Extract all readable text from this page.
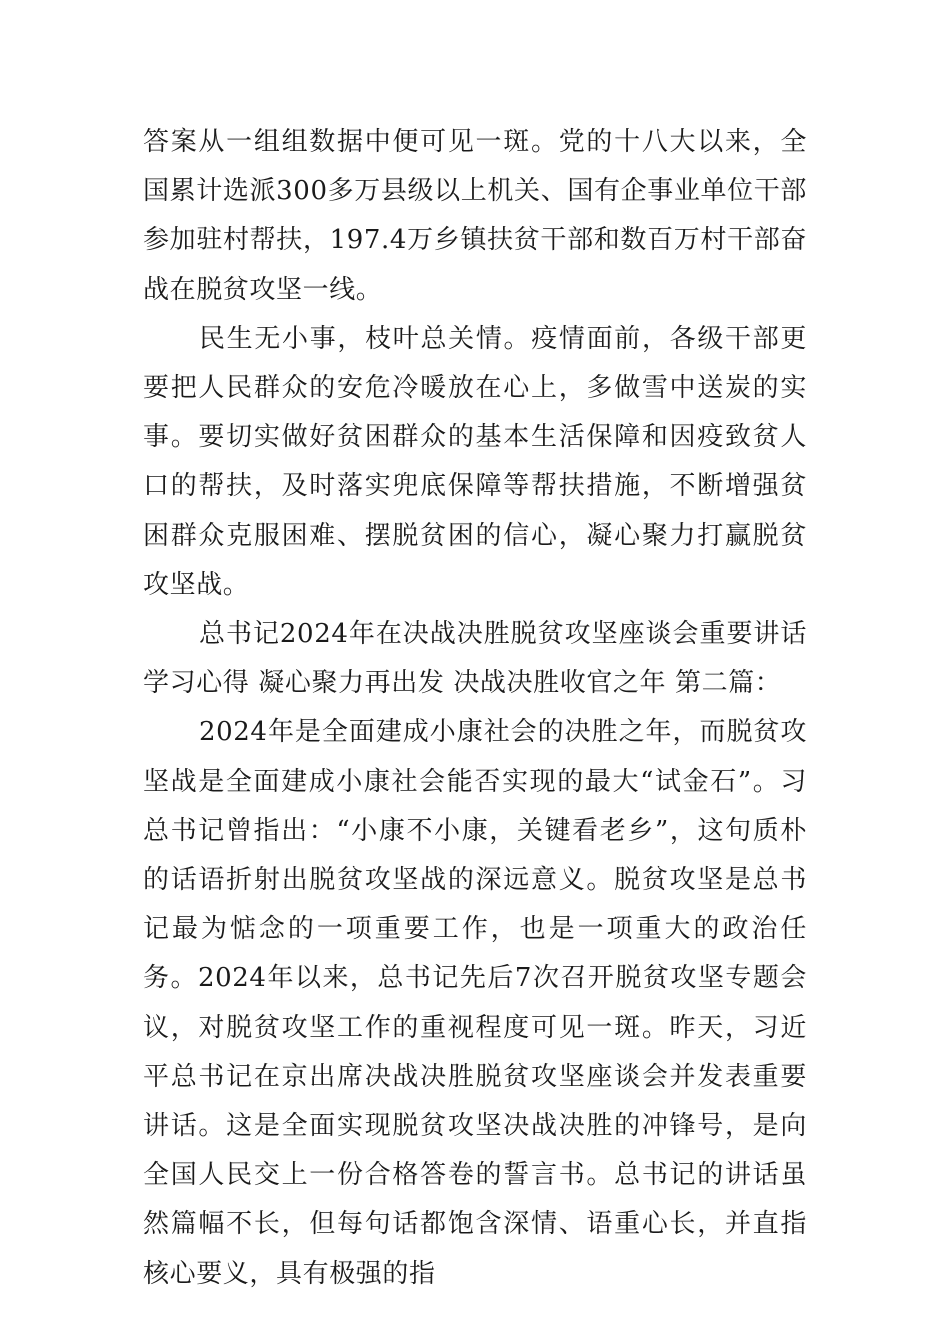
答案从一组组数据中便可见一斑。党的十八大以来，全国累计选派300多万县级以上机关、国有企事业单位干部参加驻村帮扶，197.4万乡镇扶贫干部和数百万村干部奋战在脱贫攻坚一线。

民生无小事，枝叶总关情。疫情面前，各级干部更要把人民群众的安危冷暖放在心上，多做雪中送炭的实事。要切实做好贫困群众的基本生活保障和因疫致贫人口的帮扶，及时落实兜底保障等帮扶措施，不断增强贫困群众克服困难、摆脱贫困的信心，凝心聚力打赢脱贫攻坚战。

总书记2024年在决战决胜脱贫攻坚座谈会重要讲话学习心得 凝心聚力再出发 决战决胜收官之年 第二篇：

2024年是全面建成小康社会的决胜之年，而脱贫攻坚战是全面建成小康社会能否实现的最大“试金石”。习总书记曾指出：“小康不小康，关键看老乡”，这句质朴的话语折射出脱贫攻坚战的深远意义。脱贫攻坚是总书记最为惦念的一项重要工作，也是一项重大的政治任务。2024年以来，总书记先后7次召开脱贫攻坚专题会议，对脱贫攻坚工作的重视程度可见一斑。昨天，习近平总书记在京出席决战决胜脱贫攻坚座谈会并发表重要讲话。这是全面实现脱贫攻坚决战决胜的冲锋号，是向全国人民交上一份合格答卷的誓言书。总书记的讲话虽然篇幅不长，但每句话都饱含深情、语重心长，并直指核心要义，具有极强的指
